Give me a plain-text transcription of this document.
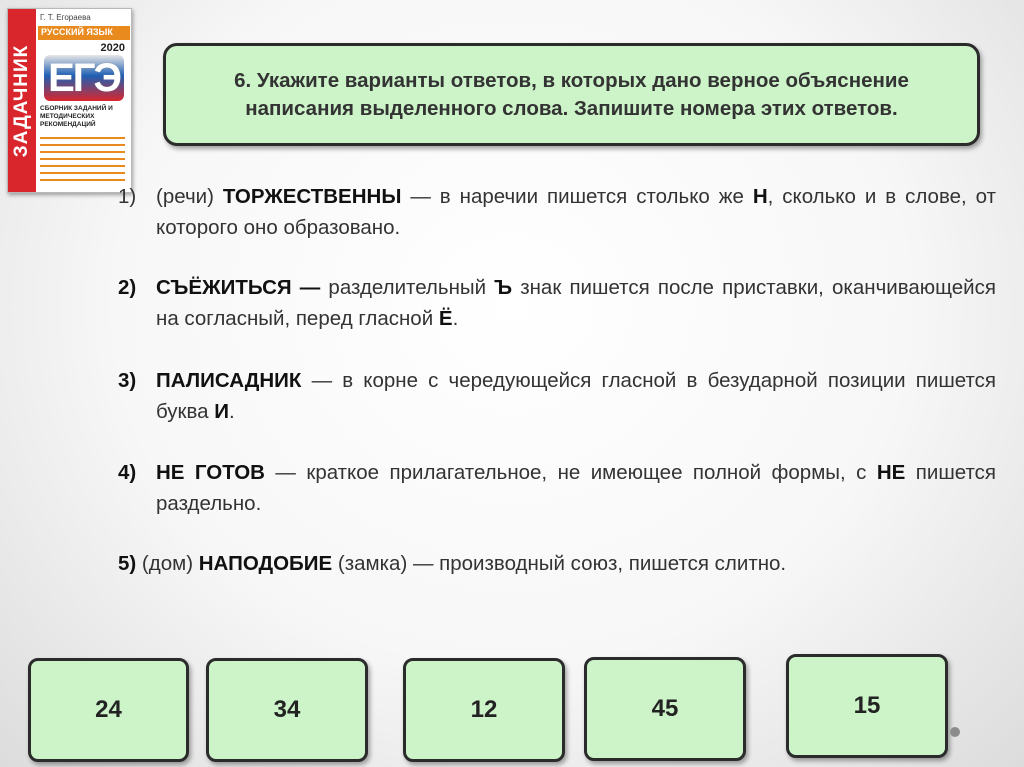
ЗАДАЧНИК
Г. Т. Егораева
РУССКИЙ ЯЗЫК
2020
ЕГЭ
СБОРНИК ЗАДАНИЙ И МЕТОДИЧЕСКИХ РЕКОМЕНДАЦИЙ
6. Укажите варианты ответов, в которых дано верное объяснение написания выделенного слова. Запишите номера этих ответов.
1) (речи) ТОРЖЕСТВЕННЫ — в наречии пишется столько же Н, сколько и в слове, от которого оно образовано.
2) СЪЁЖИТЬСЯ — разделительный Ъ знак пишется после приставки, оканчивающейся на согласный, перед гласной Ё.
3) ПАЛИСАДНИК — в корне с чередующейся гласной в безударной позиции пишется буква И.
4) НЕ ГОТОВ — краткое прилагательное, не имеющее полной формы, с НЕ пишется раздельно.
5) (дом) НАПОДОБИЕ (замка) — производный союз, пишется слитно.
24	34	12	45	15
